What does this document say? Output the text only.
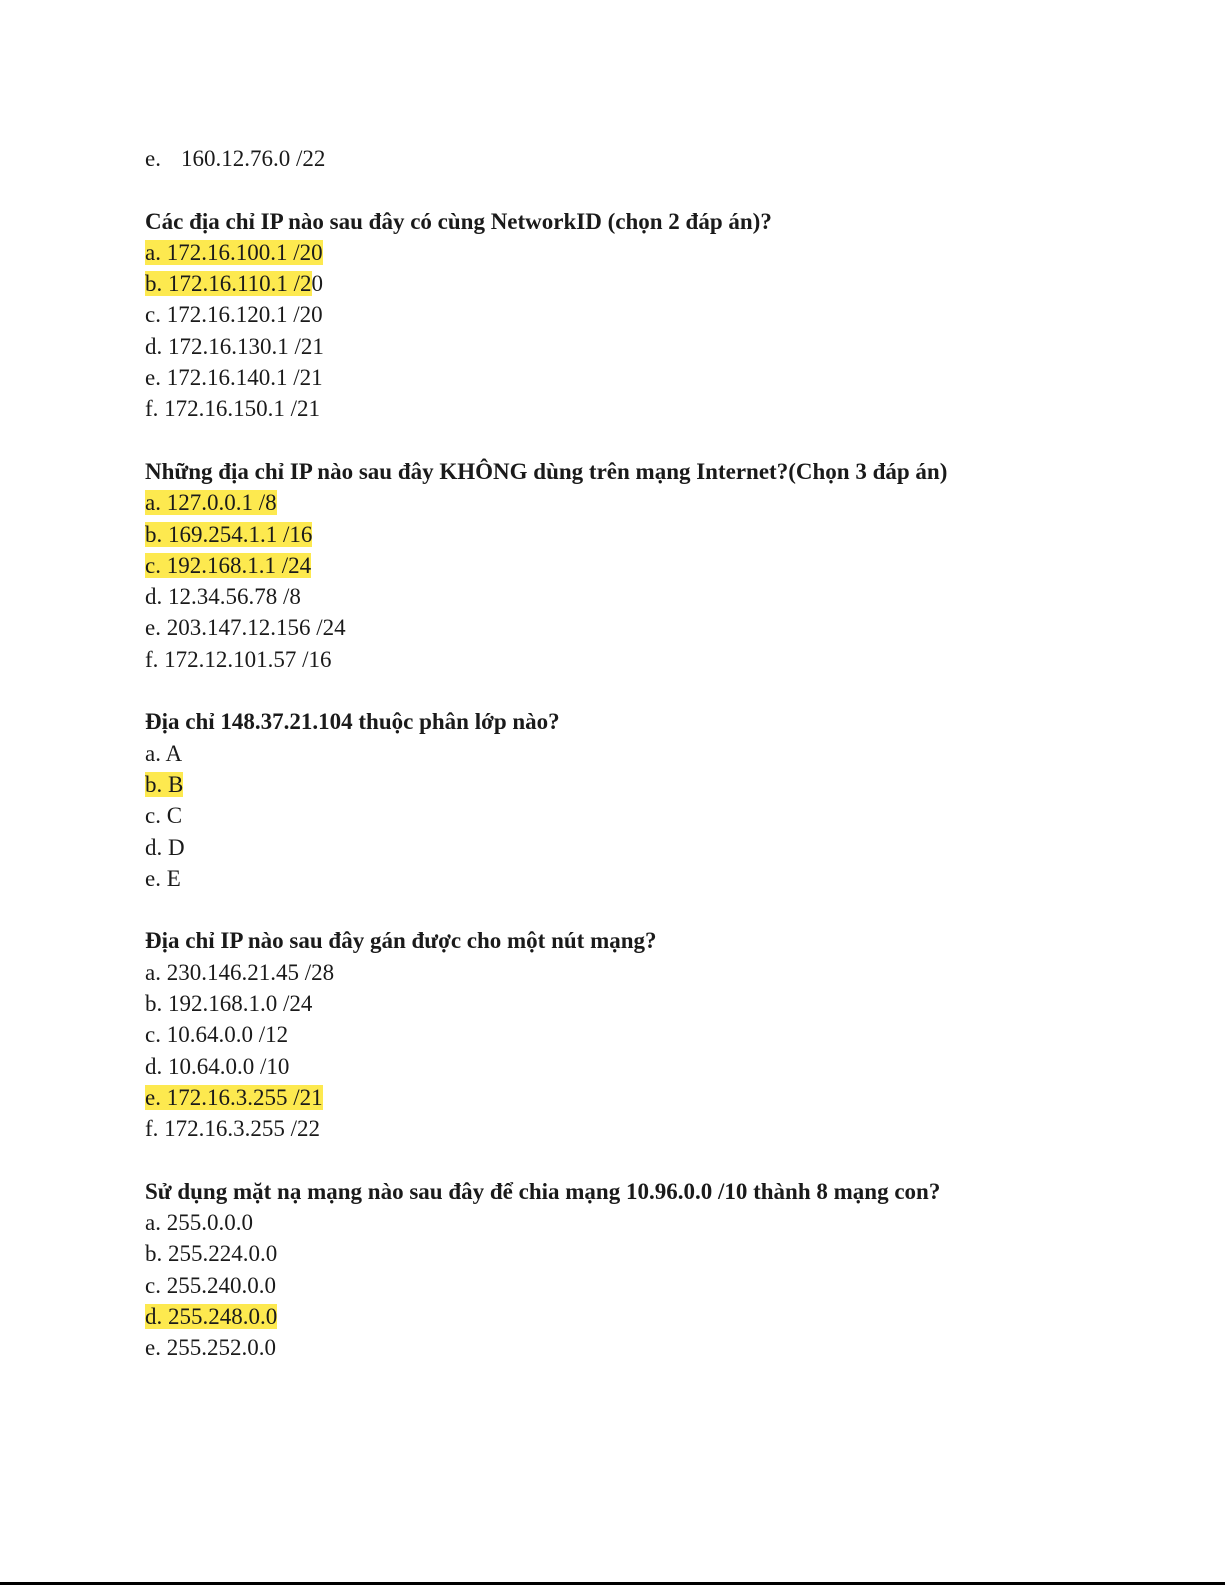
e. 160.12.76.0 /22
Các địa chỉ IP nào sau đây có cùng NetworkID (chọn 2 đáp án)?
a. 172.16.100.1 /20
b. 172.16.110.1 /20
c. 172.16.120.1 /20
d. 172.16.130.1 /21
e. 172.16.140.1 /21
f. 172.16.150.1 /21
Những địa chỉ IP nào sau đây KHÔNG dùng trên mạng Internet?(Chọn 3 đáp án)
a. 127.0.0.1 /8
b. 169.254.1.1 /16
c. 192.168.1.1 /24
d. 12.34.56.78 /8
e. 203.147.12.156 /24
f. 172.12.101.57 /16
Địa chỉ 148.37.21.104 thuộc phân lớp nào?
a. A
b. B
c. C
d. D
e. E
Địa chỉ IP nào sau đây gán được cho một nút mạng?
a. 230.146.21.45 /28
b. 192.168.1.0 /24
c. 10.64.0.0 /12
d. 10.64.0.0 /10
e. 172.16.3.255 /21
f. 172.16.3.255 /22
Sử dụng mặt nạ mạng nào sau đây để chia mạng 10.96.0.0 /10 thành 8 mạng con?
a. 255.0.0.0
b. 255.224.0.0
c. 255.240.0.0
d. 255.248.0.0
e. 255.252.0.0
